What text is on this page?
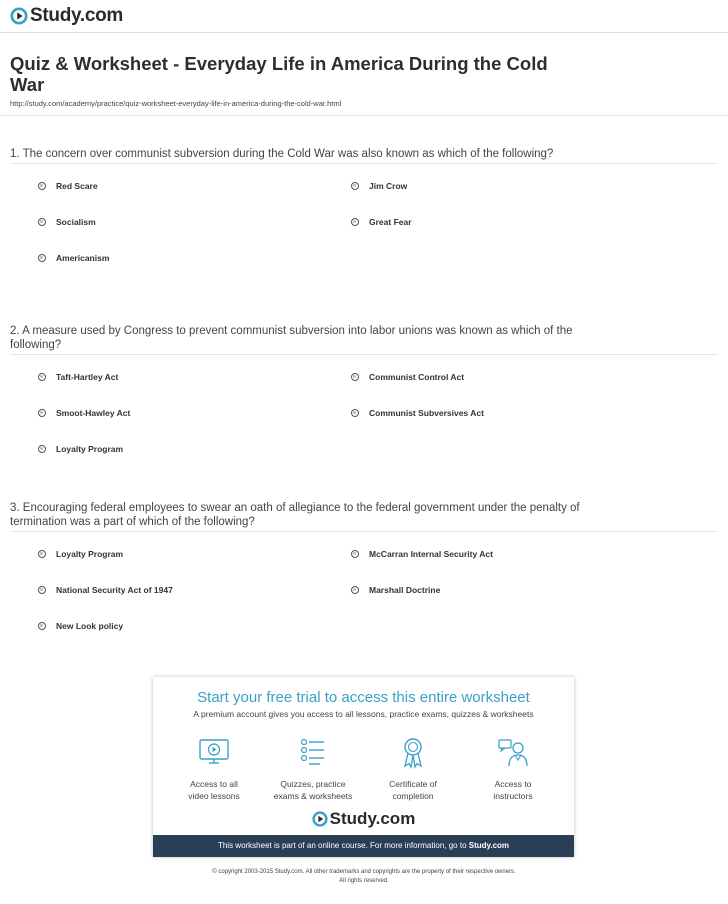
Study.com
Quiz & Worksheet - Everyday Life in America During the Cold War
http://study.com/academy/practice/quiz-worksheet-everyday-life-in-america-during-the-cold-war.html
1. The concern over communist subversion during the Cold War was also known as which of the following?
Red Scare	Jim Crow
Socialism	Great Fear
Americanism
2. A measure used by Congress to prevent communist subversion into labor unions was known as which of the following?
Taft-Hartley Act	Communist Control Act
Smoot-Hawley Act	Communist Subversives Act
Loyalty Program
3. Encouraging federal employees to swear an oath of allegiance to the federal government under the penalty of termination was a part of which of the following?
Loyalty Program	McCarran Internal Security Act
National Security Act of 1947	Marshall Doctrine
New Look policy
Start your free trial to access this entire worksheet
A premium account gives you access to all lessons, practice exams, quizzes & worksheets
Access to all
video lessons
Quizzes, practice
exams & worksheets
Certificate of
completion
Access to
instructors
Study.com
This worksheet is part of an online course. For more information, go to Study.com
© copyright 2003-2015 Study.com. All other trademarks and copyrights are the property of their respective owners.
All rights reserved.
